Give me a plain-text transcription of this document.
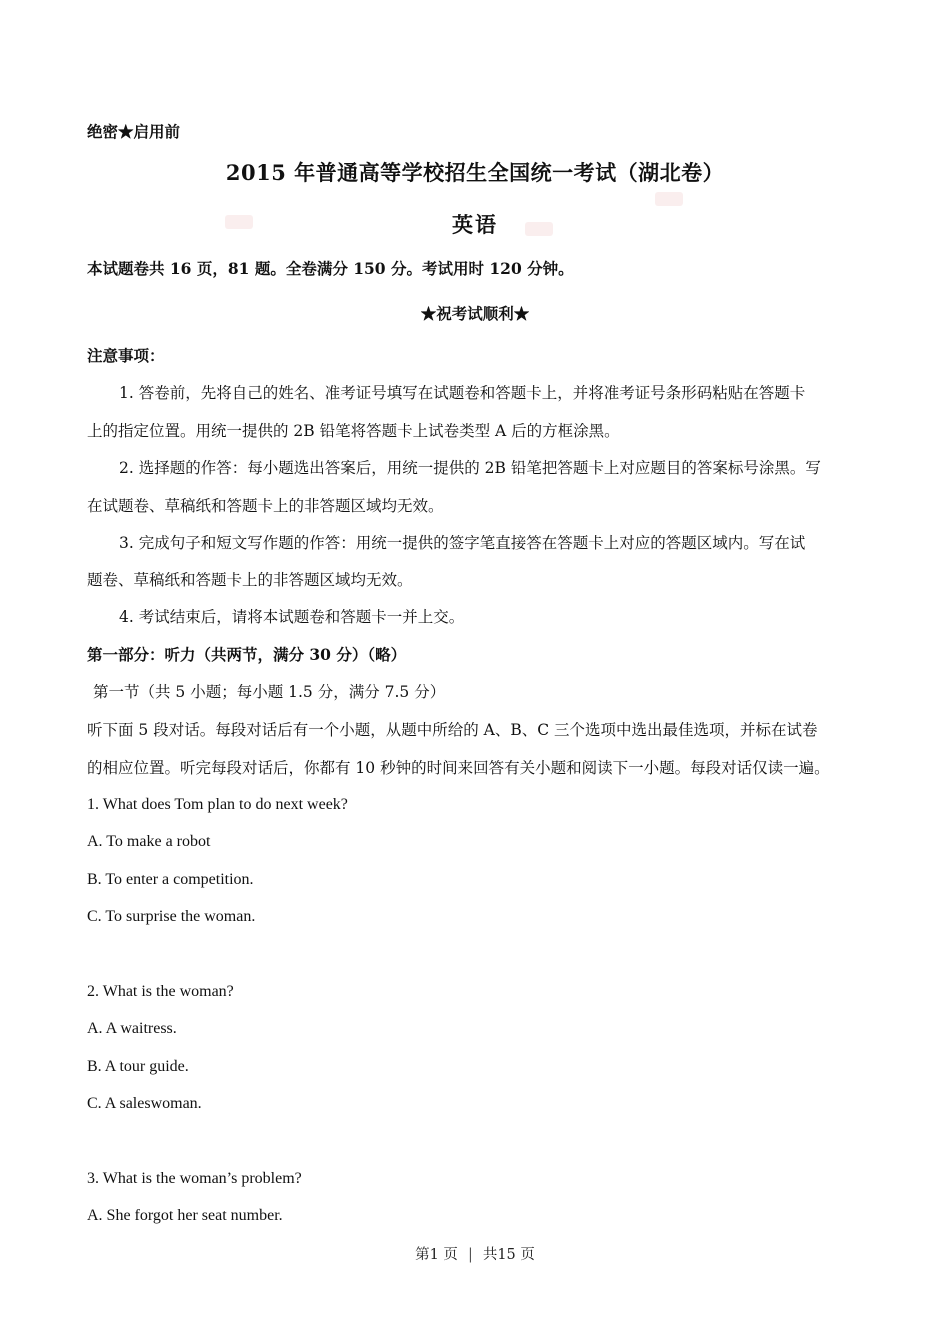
绝密★启用前
2015 年普通高等学校招生全国统一考试（湖北卷）
英语
本试题卷共 16 页，81 题。全卷满分 150 分。考试用时 120 分钟。
★祝考试顺利★
注意事项：
1. 答卷前，先将自己的姓名、准考证号填写在试题卷和答题卡上，并将准考证号条形码粘贴在答题卡
上的指定位置。用统一提供的 2B 铅笔将答题卡上试卷类型 A 后的方框涂黑。
2. 选择题的作答：每小题选出答案后，用统一提供的 2B 铅笔把答题卡上对应题目的答案标号涂黑。写
在试题卷、草稿纸和答题卡上的非答题区域均无效。
3. 完成句子和短文写作题的作答：用统一提供的签字笔直接答在答题卡上对应的答题区域内。写在试
题卷、草稿纸和答题卡上的非答题区域均无效。
4. 考试结束后，请将本试题卷和答题卡一并上交。
第一部分：听力（共两节，满分 30 分）（略）
第一节（共 5 小题；每小题 1.5 分，满分 7.5 分）
听下面 5 段对话。每段对话后有一个小题，从题中所给的 A、B、C 三个选项中选出最佳选项，并标在试卷
的相应位置。听完每段对话后，你都有 10 秒钟的时间来回答有关小题和阅读下一小题。每段对话仅读一遍。
1. What does Tom plan to do next week?
A. To make a robot
B. To enter a competition.
C. To surprise the woman.
2. What is the woman?
A. A waitress.
B. A tour guide.
C. A saleswoman.
3. What is the woman’s problem?
A. She forgot her seat number.
第1 页 | 共15 页
